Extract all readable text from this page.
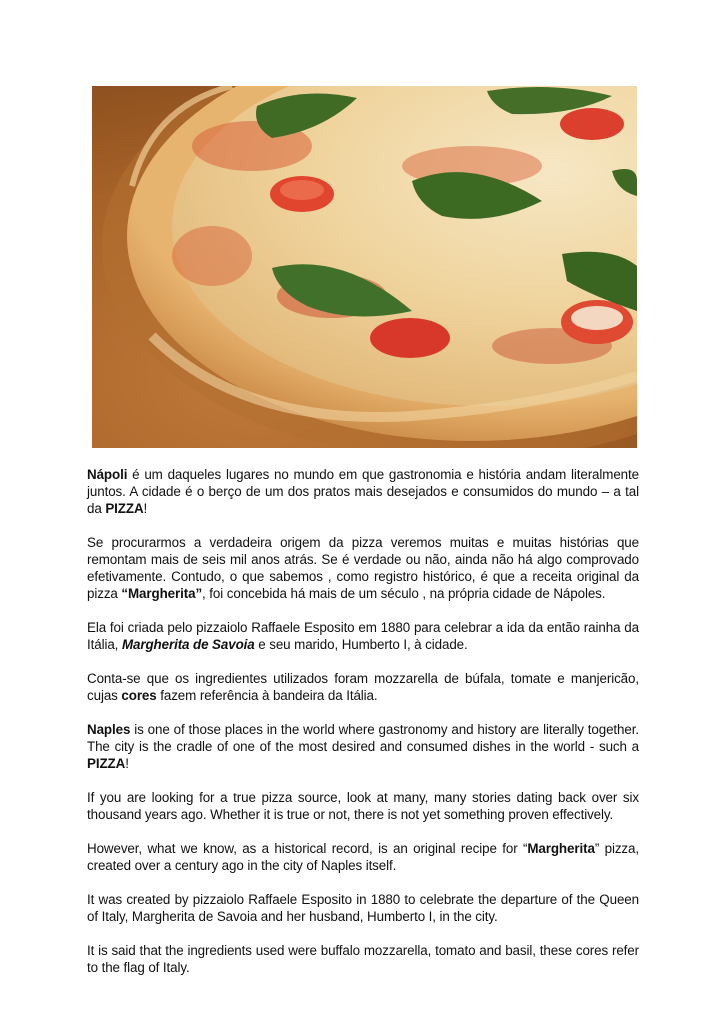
Nápoli é um daqueles lugares no mundo em que gastronomia e história andam literalmente juntos. A cidade é o berço de um dos pratos mais desejados e consumidos do mundo – a tal da PIZZA!

Se procurarmos a verdadeira origem da pizza veremos muitas e muitas histórias que remontam mais de seis mil anos atrás. Se é verdade ou não, ainda não há algo comprovado efetivamente. Contudo, o que sabemos , como registro histórico, é que a receita original da pizza “Margherita”, foi concebida há mais de um século , na própria cidade de Nápoles.

Ela foi criada pelo pizzaiolo Raffaele Esposito em 1880 para celebrar a ida da então rainha da Itália, Margherita de Savoia e seu marido, Humberto I, à cidade.

Conta-se que os ingredientes utilizados foram mozzarella de búfala, tomate e manjericão, cujas cores fazem referência à bandeira da Itália.

Naples is one of those places in the world where gastronomy and history are literally together. The city is the cradle of one of the most desired and consumed dishes in the world - such a PIZZA!

If you are looking for a true pizza source, look at many, many stories dating back over six thousand years ago. Whether it is true or not, there is not yet something proven effectively.

However, what we know, as a historical record, is an original recipe for “Margherita” pizza, created over a century ago in the city of Naples itself.

It was created by pizzaiolo Raffaele Esposito in 1880 to celebrate the departure of the Queen of Italy, Margherita de Savoia and her husband, Humberto I, in the city.

It is said that the ingredients used were buffalo mozzarella, tomato and basil, these cores refer to the flag of Italy.
